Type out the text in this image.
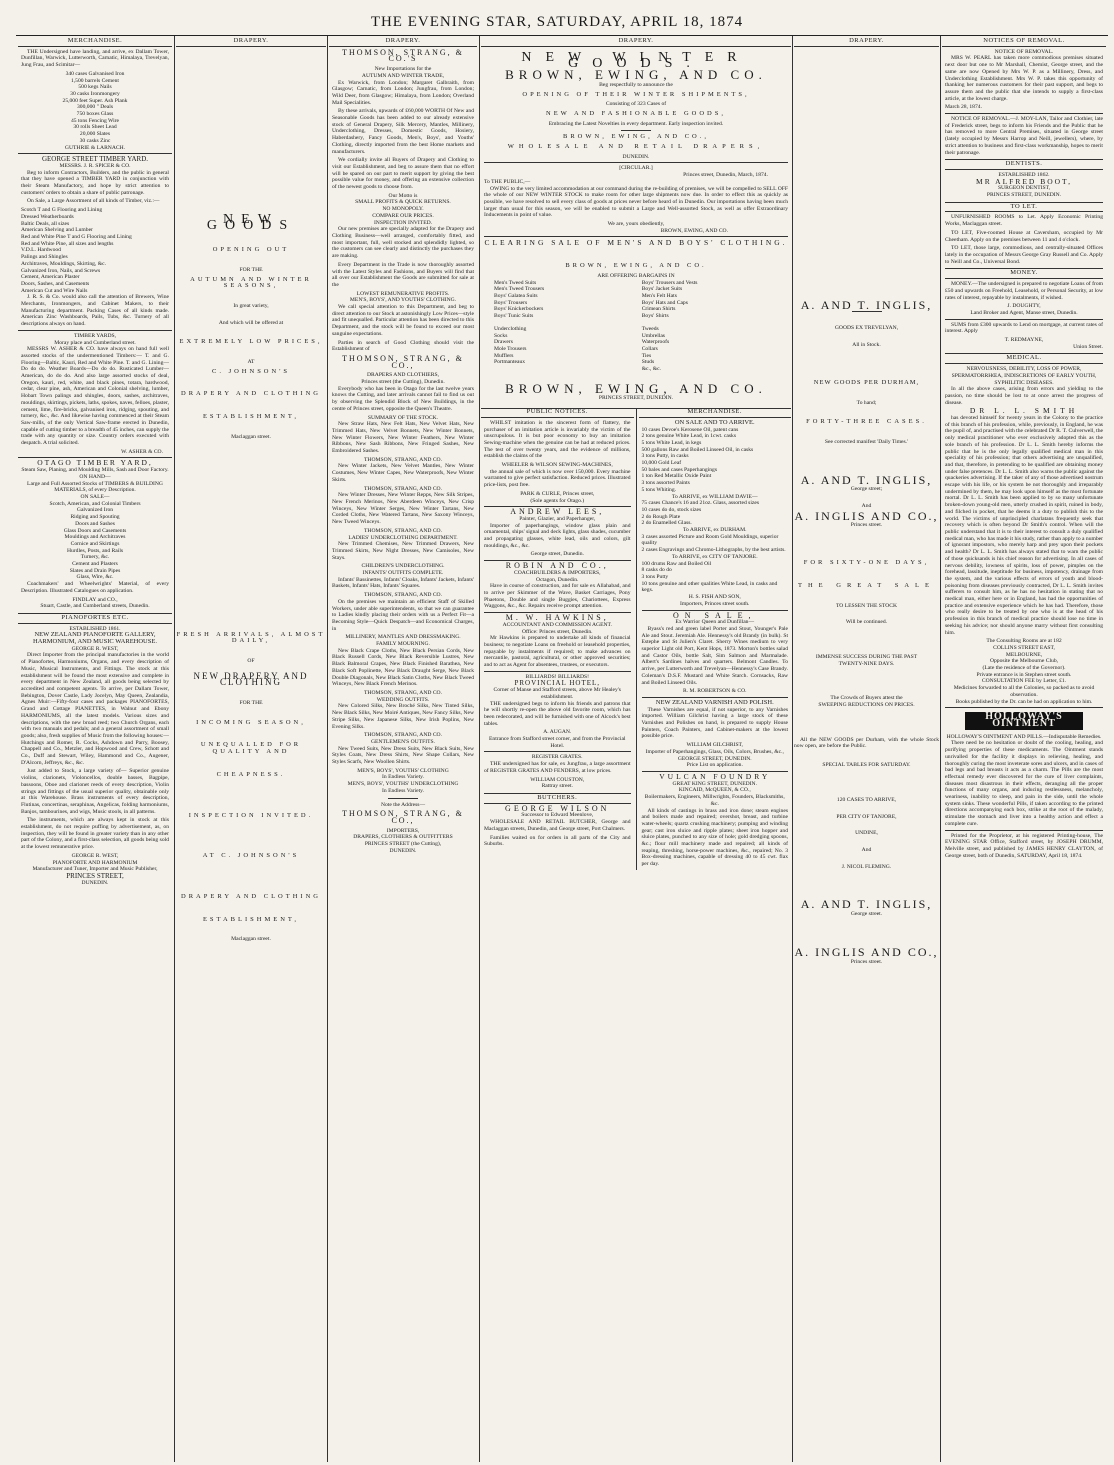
THE EVENING STAR, SATURDAY, APRIL 18, 1874
MERCHANDISE.

THE Undersigned have landing, and arrive, ex Dallam Tower, Dunfillan, Warwick, Lutterworth, Carnatic, Himalaya, Trevelyan, Jung Frau, and Scimitar—

340 cases Galvanised Iron
1,500 barrels Cement
500 kegs Nails
30 casks Ironmongery
25,000 feet Super. Ash Plank
300,000 " Deals
750 boxes Glass
45 tons Fencing Wire
30 rolls Sheet Lead
20,000 Slates
30 casks Zinc
GUTHRIE & LARNACH.
GEORGE STREET TIMBER YARD.
MESSRS. J. R. SPICER & CO.

Beg to inform Contractors, Builders, and the public in general that they have opened a TIMBER YARD in conjunction with their Steam Manufactory, and hope by strict attention to customers' orders to obtain a share of public patronage.

On Sale, a Large Assortment of all kinds of Timber, viz.:—

Scotch T and G Flooring and Lining
Dressed Weatherboards
Baltic Deals, all sizes
American Shelving and Lumber
Red and White Pine T and G Flooring and Lining
Red and White Pine, all sizes and lengths
V.D.L. Hardwood
Palings and Shingles
Architraves, Mouldings, Skirting, &c.
Galvanized Iron, Nails, and Screws
Cement, American Plaster
Doors, Sashes, and Casements
American Cut and Wire Nails

J. R. S. & Co. would also call the attention of Brewers, Wine Merchants, Ironmongers, and Cabinet Makers, to their Manufacturing department. Packing Cases of all kinds made. American Zinc Washboards, Pails, Tubs, &c. Turnery of all descriptions always on hand.

TIMBER YARDS,
Moray place and Cumberland street.

MESSRS W. ASHER & CO. have always on hand full well assorted stocks of the undermentioned Timbers:— T. and G. Flooring—Baltic, Kauri, Red and White Pine. T. and G. Lining—Do do do. Weather Boards—Do do do. Rusticated Lumber—American, do do do. And also large assorted stocks of deal, Oregon, kauri, red, white, and black pines, totara, hardwood, cedar, clear pine, ash, American and Colonial shelving, lumber, Hobart Town palings and shingles, doors, sashes, architraves, mouldings, skirtings, pickets, laths, spokes, naves, felloes, plaster, cement, lime, fire-bricks, galvanised iron, ridging, spouting, and turnery, &c., &c. And likewise having commenced at their Steam Saw-mills, of the only Vertical Saw-frame erected in Dunedin, capable of cutting timber to a breadth of 45 inches, can supply the trade with any quantity or size. Country orders executed with despatch. A trial solicited.

W. ASHER & CO.
OTAGO TIMBER YARD,
Steam Saw, Planing, and Moulding Mills, Sash and Door Factory.
ON HAND—
Large and Full Assorted Stocks of TIMBERS & BUILDING MATERIALS, of every Description.
ON SALE—
Scotch, American, and Colonial Timbers
Galvanized Iron
Ridging and Spouting
Doors and Sashes
Glass Doors and Casements
Mouldings and Architraves
Cornice and Skirtings
Hurdles, Posts, and Rails
Turnery, &c.
Cement and Plasters
Slates and Drain Pipes
Glass, Wire, &c.

Coachmakers' and Wheelwrights' Material, of every Description. Illustrated Catalogues on application.

FINDLAY and CO.,
Stuart, Castle, and Cumberland streets, Dunedin.
PIANOFORTES ETC.
ESTABLISHED 1861.
NEW ZEALAND PIANOFORTE GALLERY, HARMONIUM, AND MUSIC WAREHOUSE.
GEORGE R. WEST,

Direct Importer from the principal manufactories in the world of Pianofortes, Harmoniums, Organs, and every description of Music, Musical Instruments, and Fittings. The stock at this establishment will be found the most extensive and complete in every department in New Zealand, all goods being selected by accredited and competent agents. To arrive, per Dallam Tower, Bebington, Dover Castle, Lady Jocelyn, May Queen, Zealandia, Agnes Muir:—Fifty-four cases and packages PIANOFORTES, Grand and Cottage PIANETTES, in Walnut and Ebony HARMONIUMS, all the latest models. Various sizes and descriptions, with the new broad reed; two Church Organs, each with two manuals and pedals; and a general assortment of small goods; also, fresh supplies of Music from the following houses:— Hutchings and Romer, R. Cocks, Ashdown and Parry, Boosey, Chappell and Co., Metzler, and Hopwood and Crew, Schott and Co., Duff and Stewart, Wiley, Hammond and Co., Augener, D'Alcorn, Jeffreys, &c., &c.

Just added to Stock, a large variety of— Superior genuine violins, clarionets, Violoncellos, double basses, Bagpipe, bassoons, Oboe and clarionet reeds of every description, Violin strings and fittings of the usual superior quality, obtainable only at this Warehouse. Brass instruments of every description, Flutinas, concertinas, seraphinas, Angelicas, folding harmoniums, Banjos, tambourines, and wigs, Music stools, in all patterns.

The instruments, which are always kept in stock at this establishment, do not require puffing by advertisement, as, on inspection, they will be found in greater variety than in any other part of the Colony, and a first-class selection, all goods being sold at the lowest remunerative price.

GEORGE R. WEST,
PIANOFORTE AND HARMONIUM
Manufacturer and Tuner, Importer and Music Publisher,
PRINCES STREET,
DUNEDIN.
DRAPERY.
NEW GOODS
OPENING OUT
FOR THE
AUTUMN AND WINTER SEASONS,
In great variety,
And which will be offered at
EXTREMELY LOW PRICES,
AT
C. JOHNSON'S
DRAPERY AND CLOTHING
ESTABLISHMENT,
Maclaggan street.
FRESH ARRIVALS, ALMOST DAILY,
OF
NEW DRAPERY AND CLOTHING
FOR THE
INCOMING SEASON,
UNEQUALLED FOR QUALITY AND
CHEAPNESS.
INSPECTION INVITED.
AT C. JOHNSON'S
DRAPERY AND CLOTHING
ESTABLISHMENT,
Maclaggan street.
DRAPERY.
THOMSON, STRANG, & CO.'S
New Importations for the
AUTUMN AND WINTER TRADE,

Ex Warwick, from London; Margaret Galbraith, from Glasgow; Carnatic, from London; Jungfrau, from London; Wild Deer, from Glasgow; Himalaya, from London; Overland Mail Specialities.

By these arrivals, upwards of £60,000 WORTH Of New and Seasonable Goods has been added to our already extensive stock of General Drapery, Silk Mercery, Mantles, Millinery, Underclothing, Dresses, Domestic Goods, Hosiery, Haberdashery, Fancy Goods, Men's, Boys', and Youths' Clothing, directly imported from the best Home markets and manufacturers.

We cordially invite all Buyers of Drapery and Clothing to visit our Establishment, and beg to assure them that no effort will be spared on our part to merit support by giving the best possible value for money, and offering an extensive collection of the newest goods to choose from.

Our Motto is
SMALL PROFITS & QUICK RETURNS.
NO MONOPOLY.
COMPARE OUR PRICES.
INSPECTION INVITED.

Our new premises are specially adapted for the Drapery and Clothing Business—well arranged, comfortably fitted, and most important, full, well stocked and splendidly lighted, so the customers can see clearly and distinctly the purchases they are making.

Every Department in the Trade is now thoroughly assorted with the Latest Styles and Fashions, and Buyers will find that all over our Establishment the Goods are submitted for sale at the

LOWEST REMUNERATIVE PROFITS.
MEN'S, BOYS', AND YOUTHS' CLOTHING.

We call special attention to this Department, and beg to direct attention to our Stock at astonishingly Low Prices—style and fit unequalled. Particular attention has been directed to this Department, and the stock will be found to exceed our most sanguine expectations.

Parties in search of Good Clothing should visit the Establishment of

THOMSON, STRANG, & CO.,
DRAPERS AND CLOTHIERS,
Princes street (the Cutting), Dunedin.

Everybody who has been in Otago for the last twelve years knows the Cutting, and later arrivals cannot fail to find us out by observing the Splendid Block of New Buildings, in the centre of Princes street, opposite the Queen's Theatre.

SUMMARY OF THE STOCK.

New Straw Hats, New Felt Hats, New Velvet Hats, New Trimmed Hats, New Velvet Bonnets, New Winter Bonnets, New Winter Flowers, New Winter Feathers, New Winter Ribbons, New Sash Ribbons, New Fringed Sashes, New Embroidered Sashes.

THOMSON, STRANG, AND CO.

New Winter Jackets, New Velvet Mantles, New Winter Costumes, New Winter Capes, New Waterproofs, New Winter Skirts.

THOMSON, STRANG, AND CO.

New Winter Dresses, New Winter Repps, New Silk Stripes, New French Merinos, New Aberdeen Winceys, New Crisp Winceys, New Winter Serges, New Winter Tartans, New Corded Cloths, New Watered Tartans, New Saxony Winceys, New Tweed Winceys.

THOMSON, STRANG, AND CO.
LADIES' UNDERCLOTHING DEPARTMENT.

New Trimmed Chemises, New Trimmed Drawers, New Trimmed Skirts, New Night Dresses, New Camisoles, New Stays.

CHILDREN'S UNDERCLOTHING.
INFANTS' OUTFITS COMPLETE.

Infants' Bassinettes, Infants' Cloaks, Infants' Jackets, Infants' Baskets, Infants' Hats, Infants' Squares.

THOMSON, STRANG, AND CO.

On the premises we maintain an efficient Staff of Skilled Workers, under able superintendents, so that we can guarantee to Ladies kindly placing their orders with us a Perfect Fit—a Becoming Style—Quick Despatch—and Economical Charges, in

MILLINERY, MANTLES AND DRESSMAKING.
FAMILY MOURNING.

New Black Crape Cloths, New Black Persian Cords, New Black Russell Cords, New Black Reversible Lustres, New Black Balmoral Crapes, New Black Finished Barathea, New Black Soft Poplinette, New Black Draught Serge, New Black Double Diagonals, New Black Satin Cloths, New Black Tweed Winceys, New Black French Merinos.

THOMSON, STRANG, AND CO.
WEDDING OUTFITS.

New Colored Silks, New Broché Silks, New Tinted Silks, New Black Silks, New Moiré Antiques, New Fancy Silks, New Stripe Silks, New Japanese Silks, New Irish Poplins, New Evening Silks.

THOMSON, STRANG, AND CO.
GENTLEMEN'S OUTFITS.

New Tweed Suits, New Dress Suits, New Black Suits, New Styles Coats, New Dress Shirts, New Shape Collars, New Styles Scarfs, New Woollen Shirts.

MEN'S, BOYS', YOUTHS' CLOTHING
In Endless Variety.
MEN'S, BOYS', YOUTHS' UNDERCLOTHING
In Endless Variety.
Note the Address—
THOMSON, STRANG, & CO.,
IMPORTERS,
DRAPERS, CLOTHIERS & OUTFITTERS
PRINCES STREET (the Cutting),
DUNEDIN.
DRAPERY.
NEW WINTER GOODS.
BROWN, EWING, AND CO.
Beg respectfully to announce the
OPENING OF THEIR WINTER SHIPMENTS,
Consisting of 323 Cases of
NEW AND FASHIONABLE GOODS,
Embracing the Latest Novelties in every department. Early inspection invited.
BROWN, EWING, AND CO.,
WHOLESALE AND RETAIL DRAPERS,
DUNEDIN.
[CIRCULAR.]
Princes street, Dunedin, March, 1874.
To THE PUBLIC,—

OWING to the very limited accommodation at our command during the re-building of premises, we will be compelled to SELL OFF the whole of our NEW WINTER STOCK to make room for other large shipments now due. In order to effect this as quickly as possible, we have resolved to sell every class of goods at prices never before heard of in Dunedin. Our importations having been much larger than usual for this season, we will be enabled to submit a Large and Well-assorted Stock, as well as offer Extraordinary Inducements in point of value.

We are, yours obediently,
BROWN, EWING, AND CO.
CLEARING SALE OF MEN'S AND BOYS' CLOTHING.
BROWN, EWING, AND CO.
ARE OFFERING BARGAINS IN
Men's Tweed Suits
Men's Tweed Trousers
Boys' Galatea Suits
Boys' Trousers
Boys' Knickerbockers
Boys' Tunic Suits
Underclothing
Socks
Drawers
Mole Trousers
Mufflers
Portmanteaux
Boys' Trousers and Vests
Boys' Jacket Suits
Men's Felt Hats
Boys' Hats and Caps
Crimean Shirts
Boys' Shirts
Tweeds
Umbrellas
Waterproofs
Collars
Ties
Studs
&c., &c.
BROWN, EWING, AND CO.
PRINCES STREET, DUNEDIN.
PUBLIC NOTICES.

WHILST imitation is the sincerest form of flattery, the purchaser of an imitation article is invariably the victim of the unscrupulous. It is but poor economy to buy an imitation Sewing-machine when the genuine can be had at reduced prices. The test of over twenty years, and the evidence of millions, establish the claims of the

WHEELER & WILSON SEWING-MACHINES,

the annual sale of which is now over 150,000. Every machine warranted to give perfect satisfaction. Reduced prices. Illustrated price-lists, post free.

PARK & CURLE, Princes street,
(Sole agents for Otago.)
ANDREW LEES,
Painter, Glazier, and Paperhanger,

Importer of paperhangings, window glass plain and ornamental, ships' signal and deck lights, glass shades, cucumber and propagating glasses, white lead, oils and colors, gilt mouldings, &c., &c.

George street, Dunedin.
ROBIN AND CO.,
COACHBUILDERS & IMPORTERS,
Octagon, Dunedin.

Have in course of construction, and for sale ex Allahabad, and to arrive per Skimmer of the Wave, Basket Carriages, Pony Phaetons, Double and single Buggies, Chariottees, Express Waggons, &c., &c. Repairs receive prompt attention.

M. W. HAWKINS,
ACCOUNTANT AND COMMISSION AGENT.
Office: Princes street, Dunedin.

Mr Hawkins is prepared to undertake all kinds of financial business; to negotiate Loans on freehold or leasehold properties, repayable by instalments if required; to make advances on mercantile, pastoral, agricultural, or other approved securities; and to act as Agent for absentees, trustees, or executors.

BILLIARDS! BILLIARDS!
PROVINCIAL HOTEL,
Corner of Manse and Stafford streets, above Mr Healey's establishment.

THE undersigned begs to inform his friends and patrons that he will shortly re-open the above old favorite room, which has been redecorated, and will be furnished with one of Alcock's best tables.

A. AUGAN.
Entrance from Stafford street corner, and from the Provincial Hotel.
REGISTER GRATES.

THE undersigned has for sale, ex Jungfrau, a large assortment of REGISTER GRATES AND FENDERS, at low prices.

WILLIAM COUSTON,
Rattray street.
BUTCHERS.
GEORGE WILSON
Successor to Edward Meenlove,

WHOLESALE AND RETAIL BUTCHER, George and Maclaggan streets, Dunedin, and George street, Port Chalmers.

Families waited on for orders in all parts of the City and Suburbs.

MERCHANDISE.
ON SALE AND TO ARRIVE.
10 cases Devoe's Kerosene Oil, patent cans
2 tons genuine White Lead, in 1cwt. casks
5 tons White Lead, in kegs
500 gallons Raw and Boiled Linseed Oil, in casks
3 tons Putty, in casks
10,000 Gold Leaf
50 bales and cases Paperhangings
1 ton Red Metallic Oxide Paint
3 tons assorted Paints
5 tons Whiting.
To ARRIVE, ex WILLIAM DAVIE—
75 cases Chance's 16 and 21oz. Glass, assorted sizes
10 cases do do, stock sizes
2 do Rough Plate
2 do Enamelled Glass.
To ARRIVE, ex DURHAM.
3 cases assorted Picture and Room Gold Mouldings, superior quality
2 cases Engravings and Chromo-Lithographs, by the best artists.
To ARRIVE, ex CITY OF TANJORE.
100 drums Raw and Boiled Oil
8 casks do do
3 tons Putty
10 tons genuine and other qualities White Lead, in casks and kegs.
H. S. FISH AND SON,
Importers, Princes street south.
ON SALE,
Ex Warrior Queen and Dunfillan—

Byass's red and green label Porter and Stout, Younger's Pale Ale and Stout. Jeremiah Ale. Hennessy's old Brandy (in bulk). St Estephe and St Julien's Claret. Sherry Wines medium to very superior Light old Port, Kent Hops, 1873. Morton's bottles salad and Castor Oils, bottle Salt, Sim Salmon and Marmalade. Albert's Sardines halves and quarters. Belmont Candles. To arrive, per Lutterworth and Trevelyan—Hennessy's Case Brandy. Coleman's D.S.F. Mustard and White Starch. Cornsacks, Raw and Boiled Linseed Oils.

R. M. ROBERTSON & CO.
NEW ZEALAND VARNISH AND POLISH.

These Varnishes are equal, if not superior, to any Varnishes imported. William Gilchrist having a large stock of these Varnishes and Polishes on hand, is prepared to supply House Painters, Coach Painters, and Cabinet-makers at the lowest possible price.

WILLIAM GILCHRIST,
Importer of Paperhangings, Glass, Oils, Colors, Brushes, &c.,
GEORGE STREET, DUNEDIN.
Price List on application.
VULCAN FOUNDRY
GREAT KING STREET, DUNEDIN.
KINCAID, McQUEEN, & CO.,
Boilermakers, Engineers, Millwrights, Founders, Blacksmiths, &c.

All kinds of castings in brass and iron done; steam engines and boilers made and repaired; overshot, breast, and turbine water-wheels; quartz crushing machinery; pumping and winding gear; cast iron sluice and ripple plates; sheet iron hopper and sluice plates, punched to any size of hole; gold dredging spoons, &c.; flour mill machinery made and repaired; all kinds of reaping, threshing, horse-power machines, &c., repaired; No. 3 Box-dressing machines, capable of dressing 40 to 45 cwt. flax per day.

DRAPERY.
A. AND T. INGLIS,
GOODS EX TREVELYAN,
All in Stock.
NEW GOODS PER DURHAM,
To hand;
FORTY-THREE CASES.
See corrected manifest 'Daily Times.'
A. AND T. INGLIS,
George street;
And
A. INGLIS AND CO.,
Princes street.
FOR SIXTY-ONE DAYS,
THE GREAT SALE
TO LESSEN THE STOCK
Will be continued.
IMMENSE SUCCESS DURING THE PAST
TWENTY-NINE DAYS.
The Crowds of Buyers attest the
SWEEPING REDUCTIONS ON PRICES.

All the NEW GOODS per Durham, with the whole Stock now open, are before the Public.

SPECIAL TABLES FOR SATURDAY.
120 CASES TO ARRIVE,
PER CITY OF TANJORE,
UNDINE,
And
J. NICOL FLEMING.
A. AND T. INGLIS,
George street.
A. INGLIS AND CO.,
Princes street.
NOTICES OF REMOVAL.
NOTICE OF REMOVAL.

MRS W. PEARL has taken more commodious premises situated next door but one to Mr Marshall, Chemist, George street, and the same are now Opened by Mrs W. P. as a Millinery, Dress, and Underclothing Establishment. Mrs W. P. takes this opportunity of thanking her numerous customers for their past support, and begs to assure them and the public that she intends to supply a first-class article, at the lowest charge.

March 28, 1874.

NOTICE OF REMOVAL.—J. MOY-LAN, Tailor and Clothier, late of Frederick street, begs to inform his Friends and the Public that he has removed to more Central Premises, situated in George street (lately occupied by Messrs Harrop and Neill, jewellers), where, by strict attention to business and first-class workmanship, hopes to merit their patronage.

DENTISTS.
ESTABLISHED 1862.
MR ALFRED BOOT,
SURGEON DENTIST,
PRINCES STREET, DUNEDIN.
TO LET.

UNFURNISHED ROOMS to Let. Apply Economic Printing Works, Maclaggan street.

TO LET, Five-roomed House at Caversham, occupied by Mr Cheetham. Apply on the premises between 11 and 4 o'clock.

TO LET, those large, commodious, and centrally-situated Offices lately in the occupation of Messrs George Gray Russell and Co. Apply to Neill and Co., Universal Bond.

MONEY.

MONEY.—The undersigned is prepared to negotiate Loans of from £50 and upwards on Freehold, Leasehold, or Personal Security, at low rates of interest, repayable by instalments, if wished.

J. DOUGHTY,
Land Broker and Agent, Manse street, Dunedin.

SUMS from £300 upwards to Lend on mortgage, at current rates of interest. Apply

T. REDMAYNE,
Union Street.
MEDICAL.
NERVOUSNESS, DEBILITY, LOSS OF POWER, SPERMATORRHŒA, INDISCRETIONS OF EARLY YOUTH, SYPHILITIC DISEASES.

In all the above cases, arising from errors and yielding to the passion, no time should be lost to at once arrest the progress of disease.

DR L. L. SMITH

has devoted himself for twenty years in the Colony to the practice of this branch of his profession, while, previously, in England, he was the pupil of, and practised with the celebrated Dr R. T. Culverwell, the only medical practitioner who ever exclusively adopted this as the sole branch of his profession. Dr L. L. Smith hereby informs the public that he is the only legally qualified medical man in this speciality of his profession; that others advertising are unqualified, and that, therefore, in pretending to be qualified are obtaining money under false pretences. Dr L. L. Smith also warns the public against the quackeries advertising. If the taker of any of those advertised nostrum escape with his life, or his system be not thoroughly and irreparably undermined by them, he may look upon himself as the most fortunate mortal. Dr L. L. Smith has been applied to by so many unfortunate broken-down young-old men, utterly crushed in spirit, ruined in body, and filched in pocket, that he deems it a duty to publish this to the world. The victims of unprincipled charlatans frequently seek that recovery which is often beyond Dr Smith's control. When will the public understand that it is to their interest to consult a duly qualified medical man, who has made it his study, rather than apply to a number of ignorant impostors, who merely harp and prey upon their pockets and health? Dr L. L. Smith has always stated that to warn the public of those quicksands is his chief reason for advertising. In all cases of nervous debility, lowness of spirits, loss of power, pimples on the forehead, lassitude, ineptitude for business, impotency, drainage from the system, and the various effects of errors of youth and blood-poisoning from diseases previously contracted, Dr L. L. Smith invites sufferers to consult him, as he has no hesitation in stating that no medical man, either here or in England, has had the opportunities of practice and extensive experience which he has had. Therefore, those who really desire to be treated by one who is at the head of his profession in this branch of medical practice should lose no time in seeking his advice; nor should anyone marry without first consulting him.

The Consulting Rooms are at 182
COLLINS STREET EAST,
MELBOURNE,
Opposite the Melbourne Club,
(Late the residence of the Governor).
Private entrance is in Stephen street south.
CONSULTATION FEE by Letter, £1.
Medicines forwarded to all the Colonies, so packed as to avoid observation.
Books published by the Dr. can be had on application to him.
HOLLOWAY'S OINTMENT
HOLLOWAY'S OINTMENT AND PILLS.—Indisputable Remedies.

There need be no hesitation or doubt of the cooling, healing, and purifying properties of these medicaments. The Ointment stands unrivalled for the facility it displays in relieving, healing, and thoroughly curing the most inveterate sores and ulcers, and in cases of bad legs and bad breasts it acts as a charm. The Pills are the most effectual remedy ever discovered for the cure of liver complaints, diseases most disastrous in their effects, deranging all the proper functions of many organs, and inducing restlessness, melancholy, weariness, inability to sleep, and pain in the side, until the whole system sinks. These wonderful Pills, if taken according to the printed directions accompanying each box, strike at the root of the malady, stimulate the stomach and liver into a healthy action and effect a complete cure.

Printed for the Proprietor, at his registered Printing-house, The EVENING STAR Office, Stafford street, by JOSEPH DRUMM, Melville street, and published by JAMES HENRY CLAYTON, of George street, both of Dunedin, SATURDAY, April 18, 1874.
